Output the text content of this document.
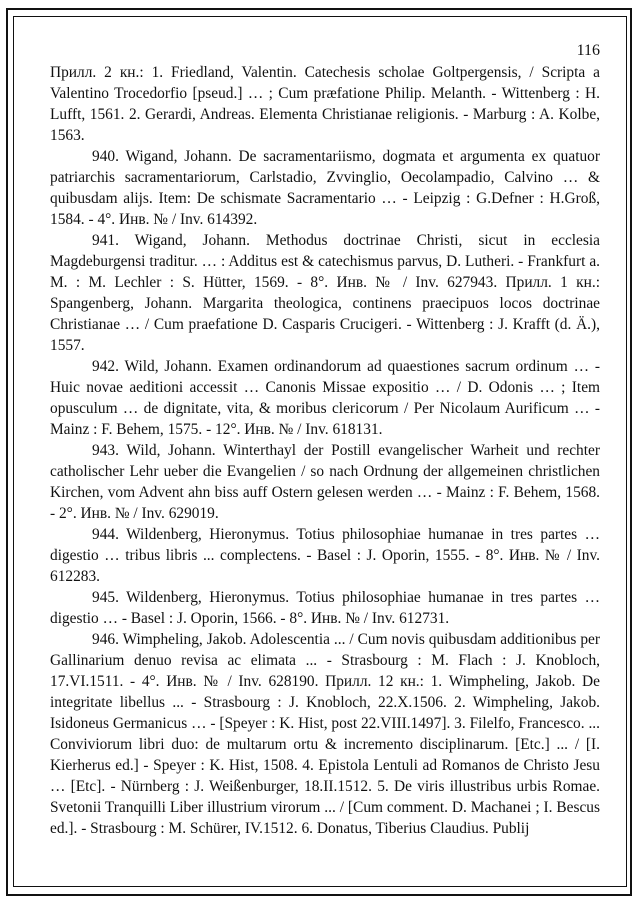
116

Прилл. 2 кн.: 1. Friedland, Valentin. Catechesis scholae Goltpergensis, / Scripta a Valentino Trocedorfio [pseud.] … ; Cum præfatione Philip. Melanth. - Wittenberg : H. Lufft, 1561. 2. Gerardi, Andreas. Elementa Christianae religionis. - Marburg : A. Kolbe, 1563.

940. Wigand, Johann. De sacramentariismo, dogmata et argumenta ex quatuor patriarchis sacramentariorum, Carlstadio, Zvvinglio, Oecolampadio, Calvino … & quibusdam alijs. Item: De schismate Sacramentario … - Leipzig : G.Defner : H.Groß, 1584. - 4°. Инв. № / Inv. 614392.

941. Wigand, Johann. Methodus doctrinae Christi, sicut in ecclesia Magdeburgensi traditur. … : Additus est & catechismus parvus, D. Lutheri. - Frankfurt a. M. : M. Lechler : S. Hütter, 1569. - 8°. Инв. № / Inv. 627943. Прилл. 1 кн.: Spangenberg, Johann. Margarita theologica, continens praecipuos locos doctrinae Christianae … / Cum praefatione D. Casparis Crucigeri. - Wittenberg : J. Krafft (d. Ä.), 1557.

942. Wild, Johann. Examen ordinandorum ad quaestiones sacrum ordinum … - Huic novae aeditioni accessit … Canonis Missae expositio … / D. Odonis … ; Item opusculum … de dignitate, vita, & moribus clericorum / Per Nicolaum Aurificum … - Mainz : F. Behem, 1575. - 12°. Инв. № / Inv. 618131.

943. Wild, Johann. Winterthayl der Postill evangelischer Warheit und rechter catholischer Lehr ueber die Evangelien / so nach Ordnung der allgemeinen christlichen Kirchen, vom Advent ahn biss auff Ostern gelesen werden … - Mainz : F. Behem, 1568. - 2°. Инв. № / Inv. 629019.

944. Wildenberg, Hieronymus. Totius philosophiae humanae in tres partes … digestio … tribus libris ... complectens. - Basel : J. Oporin, 1555. - 8°. Инв. № / Inv. 612283.

945. Wildenberg, Hieronymus. Totius philosophiae humanae in tres partes … digestio … - Basel : J. Oporin, 1566. - 8°. Инв. № / Inv. 612731.

946. Wimpheling, Jakob. Adolescentia ... / Cum novis quibusdam additionibus per Gallinarium denuo revisa ac elimata ... - Strasbourg : M. Flach : J. Knobloch, 17.VI.1511. - 4°. Инв. № / Inv. 628190. Прилл. 12 кн.: 1. Wimpheling, Jakob. De integritate libellus ... - Strasbourg : J. Knobloch, 22.X.1506. 2. Wimpheling, Jakob. Isidoneus Germanicus … - [Speyer : K. Hist, post 22.VIII.1497]. 3. Filelfo, Francesco. ... Conviviorum libri duo: de multarum ortu & incremento disciplinarum. [Etc.] ... / [I. Kierherus ed.] - Speyer : K. Hist, 1508. 4. Epistola Lentuli ad Romanos de Christo Jesu … [Etc]. - Nürnberg : J. Weißenburger, 18.II.1512. 5. De viris illustribus urbis Romae. Svetonii Tranquilli Liber illustrium virorum ... / [Cum comment. D. Machanei ; I. Bescus ed.]. - Strasbourg : M. Schürer, IV.1512. 6. Donatus, Tiberius Claudius. Publij
